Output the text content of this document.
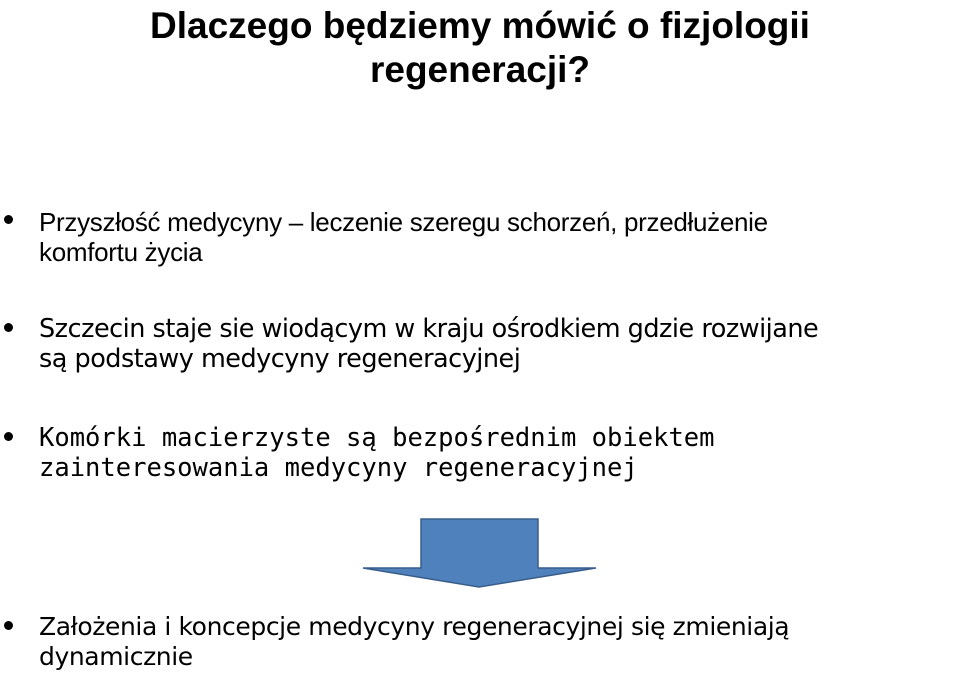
Dlaczego będziemy mówić o fizjologii
regeneracji?

Przyszłość medycyny – leczenie szeregu schorzeń, przedłużenie
komfortu życia

Szczecin staje sie wiodącym w kraju ośrodkiem gdzie rozwijane
są podstawy medycyny regeneracyjnej

Komórki macierzyste są bezpośrednim obiektem
zainteresowania medycyny regeneracyjnej

Założenia i koncepcje medycyny regeneracyjnej się zmieniają
dynamicznie
